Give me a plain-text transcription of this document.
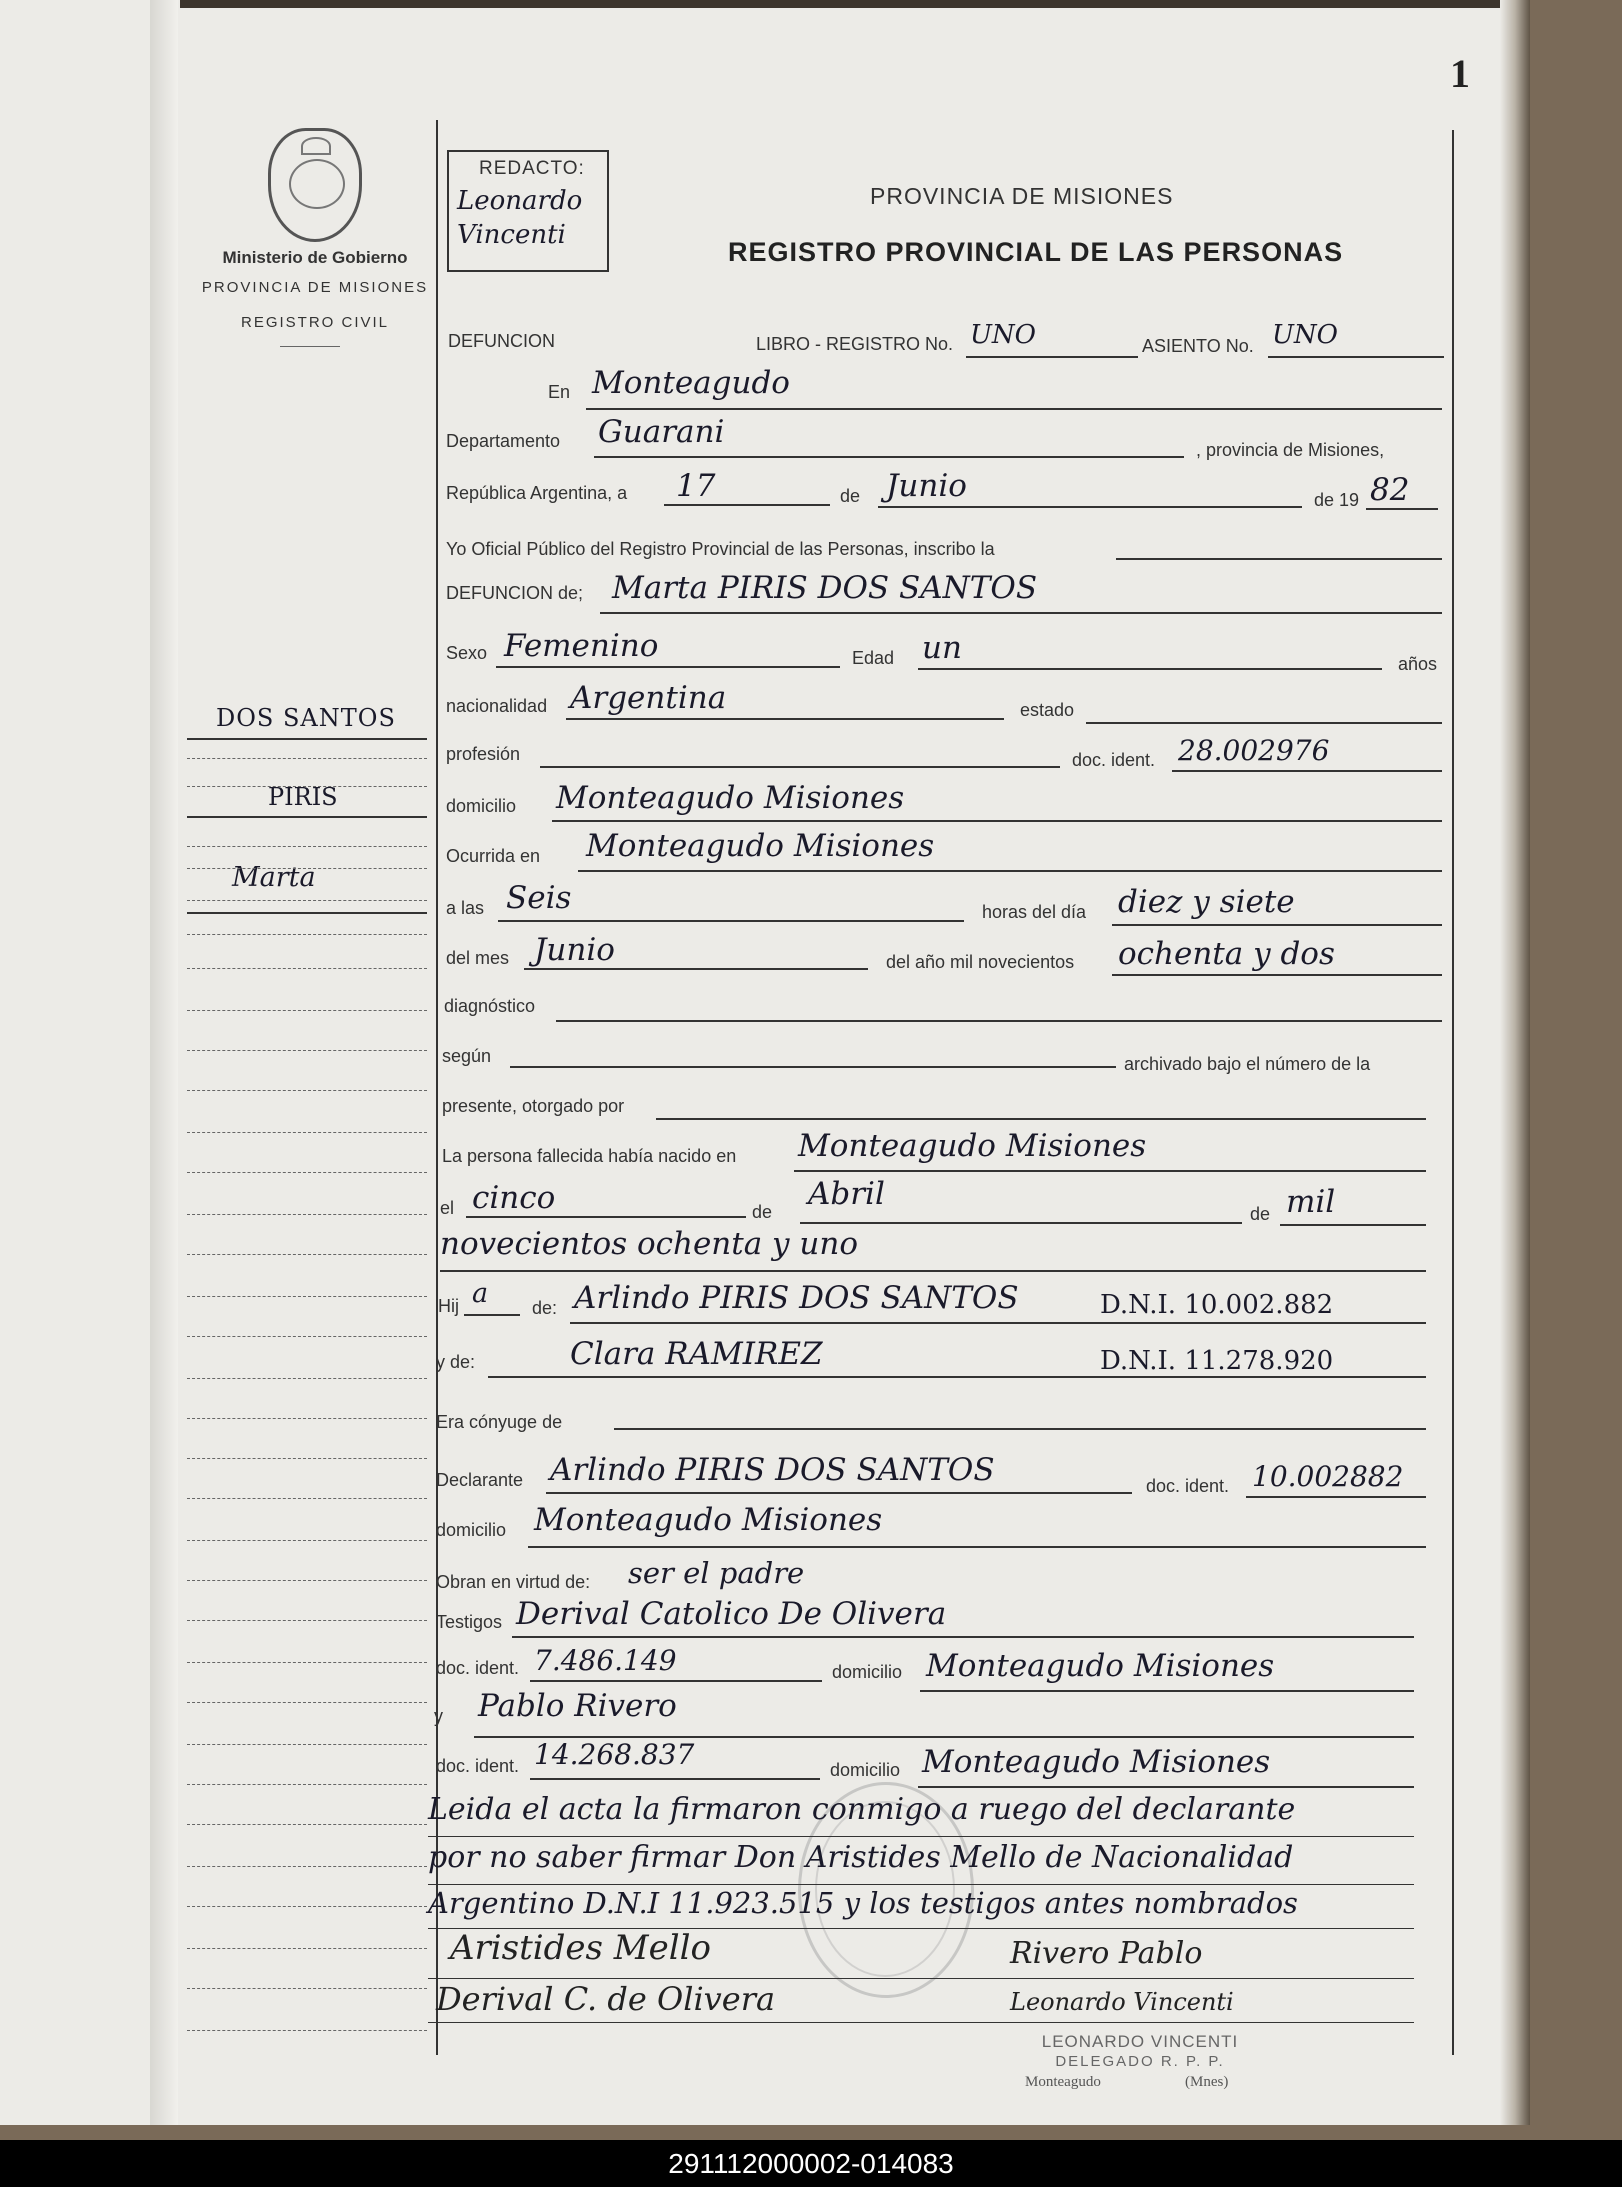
1
Ministerio de Gobierno
PROVINCIA DE MISIONES
REGISTRO CIVIL
REDACTO:
Leonardo Vincenti
PROVINCIA DE MISIONES
REGISTRO PROVINCIAL DE LAS PERSONAS
DOS SANTOS
PIRIS
Marta
DEFUNCION	LIBRO - REGISTRO No. UNO	ASIENTO No. UNO
En Monteagudo
Departamento Guarani	, provincia de Misiones,
República Argentina, a 17	de Junio	de 19 82
Yo Oficial Público del Registro Provincial de las Personas, inscribo la
DEFUNCION de; Marta PIRIS DOS SANTOS
Sexo Femenino	Edad un	años
nacionalidad Argentina	estado
profesión	doc. ident. 28.002976
domicilio Monteagudo Misiones
Ocurrida en Monteagudo Misiones
a las Seis	horas del día diez y siete
del mes Junio	del año mil novecientos ochenta y dos
diagnóstico
según	archivado bajo el número de la
presente, otorgado por
La persona fallecida había nacido en Monteagudo Misiones
el cinco	de Abril
de mil
novecientos ochenta y uno
Hij a de: Arlindo PIRIS DOS SANTOS	D.N.I. 10.002.882
y de:	Clara RAMIREZ	D.N.I. 11.278.920
Era cónyuge de
Declarante Arlindo PIRIS DOS SANTOS	doc. ident. 10.002882
domicilio Monteagudo Misiones
Obran en virtud de: ser el padre
Testigos Derival Catolico De Olivera
doc. ident. 7.486.149	domicilio Monteagudo Misiones
y Pablo Rivero
doc. ident. 14.268.837	domicilio Monteagudo Misiones
Leida el acta la firmaron conmigo a ruego del declarante
por no saber firmar Don Aristides Mello de Nacionalidad
Argentino D.N.I 11.923.515 y los testigos antes nombrados
Aristides Mello	Rivero Pablo
Derival C. de Olivera	Leonardo Vincenti
LEONARDO VINCENTI
DELEGADO R. P. P.
Monteagudo	(Mnes)
291112000002-014083
